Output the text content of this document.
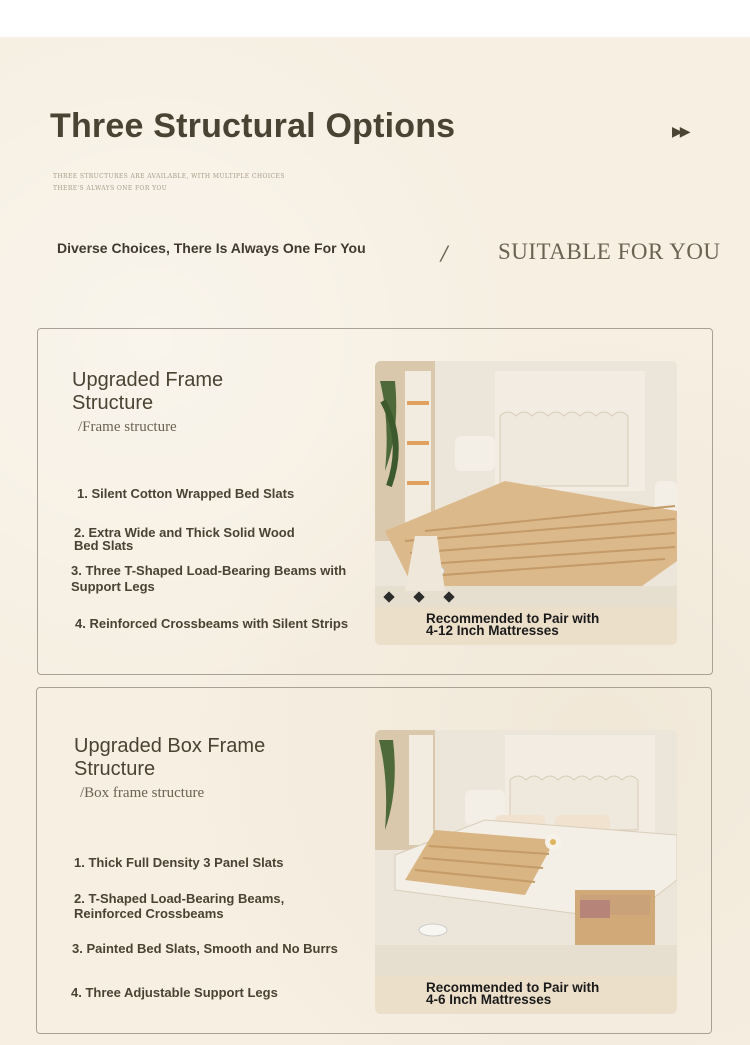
Three Structural Options	▶▶
THREE STRUCTURES ARE AVAILABLE, WITH MULTIPLE CHOICES
THERE'S ALWAYS ONE FOR YOU
Diverse Choices, There Is Always One For You	/ SUITABLE FOR YOU
Upgraded Frame
Structure
/Frame structure
1. Silent Cotton Wrapped Bed Slats
2. Extra Wide and Thick Solid Wood
Bed Slats
3. Three T-Shaped Load-Bearing Beams with
Support Legs
4. Reinforced Crossbeams with Silent Strips	Recommended to Pair with
4-12 Inch Mattresses
Upgraded Box Frame
Structure
/Box frame structure
1. Thick Full Density 3 Panel Slats
2. T-Shaped Load-Bearing Beams,
Reinforced Crossbeams
3. Painted Bed Slats, Smooth and No Burrs
4. Three Adjustable Support Legs	Recommended to Pair with
4-6 Inch Mattresses
